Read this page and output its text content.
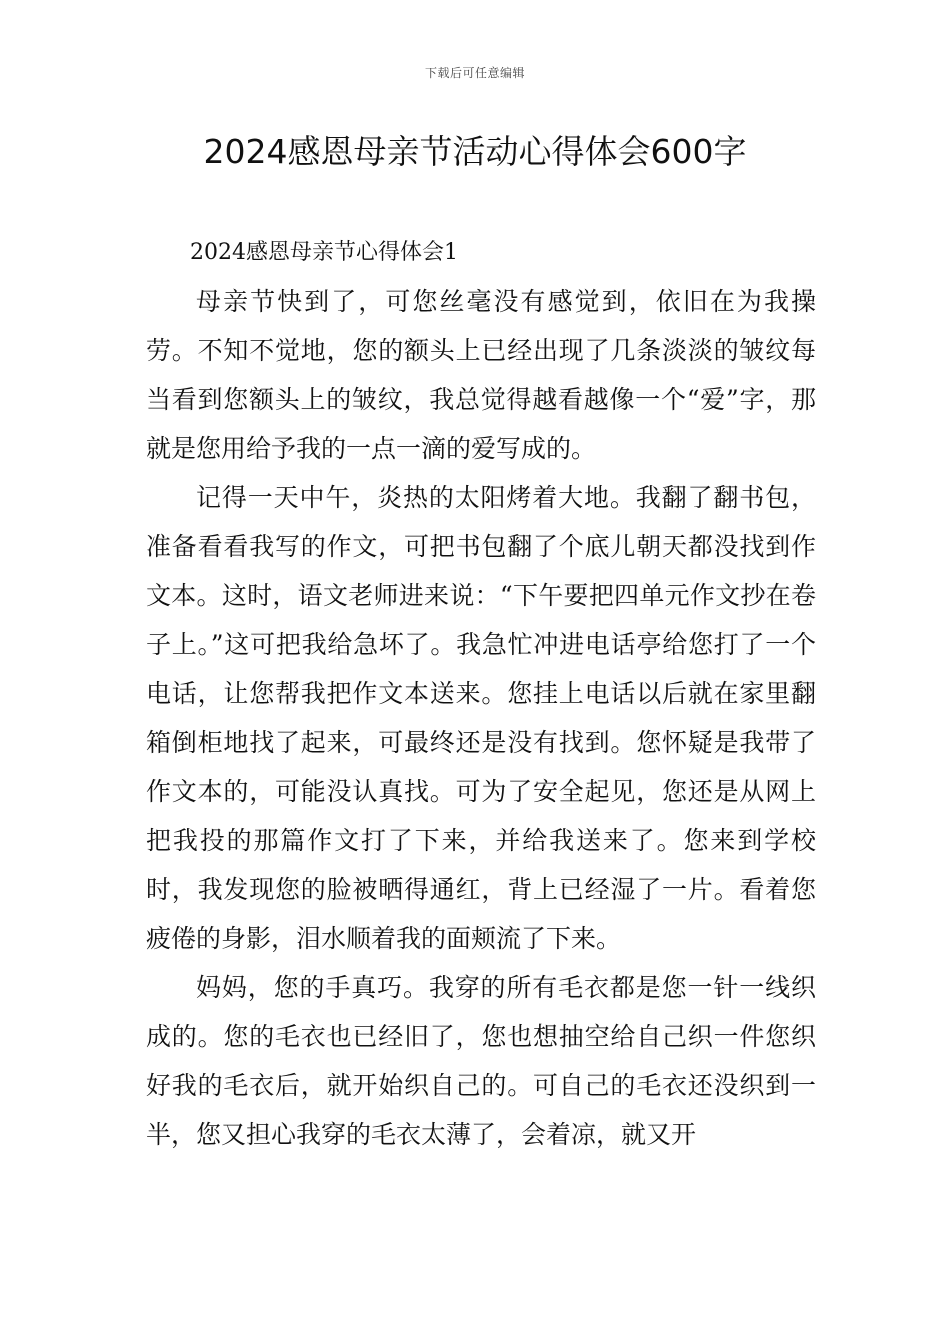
下载后可任意编辑
2024感恩母亲节活动心得体会600字

2024感恩母亲节心得体会1

母亲节快到了，可您丝毫没有感觉到，依旧在为我操劳。不知不觉地，您的额头上已经出现了几条淡淡的皱纹每当看到您额头上的皱纹，我总觉得越看越像一个“爱”字，那就是您用给予我的一点一滴的爱写成的。

记得一天中午，炎热的太阳烤着大地。我翻了翻书包，准备看看我写的作文，可把书包翻了个底儿朝天都没找到作文本。这时，语文老师进来说：“下午要把四单元作文抄在卷子上。”这可把我给急坏了。我急忙冲进电话亭给您打了一个电话，让您帮我把作文本送来。您挂上电话以后就在家里翻箱倒柜地找了起来，可最终还是没有找到。您怀疑是我带了作文本的，可能没认真找。可为了安全起见，您还是从网上把我投的那篇作文打了下来，并给我送来了。您来到学校时，我发现您的脸被晒得通红，背上已经湿了一片。看着您疲倦的身影，泪水顺着我的面颊流了下来。

妈妈，您的手真巧。我穿的所有毛衣都是您一针一线织成的。您的毛衣也已经旧了，您也想抽空给自己织一件您织好我的毛衣后，就开始织自己的。可自己的毛衣还没织到一半，您又担心我穿的毛衣太薄了，会着凉，就又开
